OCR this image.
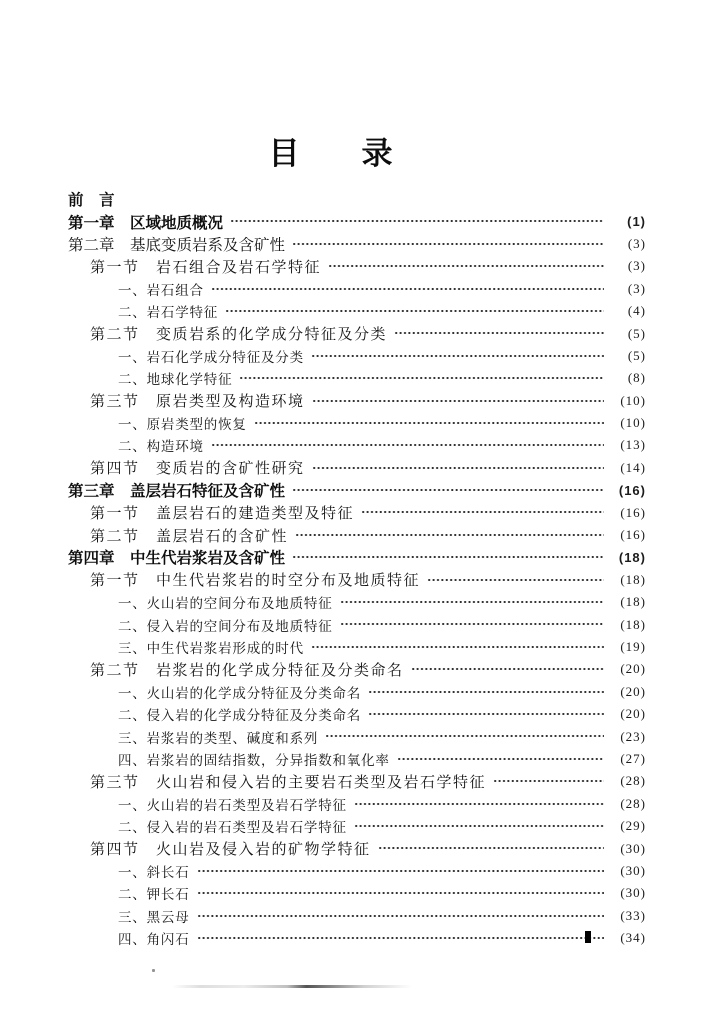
目　　录
前　言
第一章　区域地质概况	(1)
第二章　基底变质岩系及含矿性	(3)
第一节　岩石组合及岩石学特征	(3)
一、岩石组合	(3)
二、岩石学特征	(4)
第二节　变质岩系的化学成分特征及分类	(5)
一、岩石化学成分特征及分类	(5)
二、地球化学特征	(8)
第三节　原岩类型及构造环境	(10)
一、原岩类型的恢复	(10)
二、构造环境	(13)
第四节　变质岩的含矿性研究	(14)
第三章　盖层岩石特征及含矿性	(16)
第一节　盖层岩石的建造类型及特征	(16)
第二节　盖层岩石的含矿性	(16)
第四章　中生代岩浆岩及含矿性	(18)
第一节　中生代岩浆岩的时空分布及地质特征	(18)
一、火山岩的空间分布及地质特征	(18)
二、侵入岩的空间分布及地质特征	(18)
三、中生代岩浆岩形成的时代	(19)
第二节　岩浆岩的化学成分特征及分类命名	(20)
一、火山岩的化学成分特征及分类命名	(20)
二、侵入岩的化学成分特征及分类命名	(20)
三、岩浆岩的类型、碱度和系列	(23)
四、岩浆岩的固结指数，分异指数和氧化率	(27)
第三节　火山岩和侵入岩的主要岩石类型及岩石学特征	(28)
一、火山岩的岩石类型及岩石学特征	(28)
二、侵入岩的岩石类型及岩石学特征	(29)
第四节　火山岩及侵入岩的矿物学特征	(30)
一、斜长石	(30)
二、钾长石	(30)
三、黑云母	(33)
四、角闪石	(34)
